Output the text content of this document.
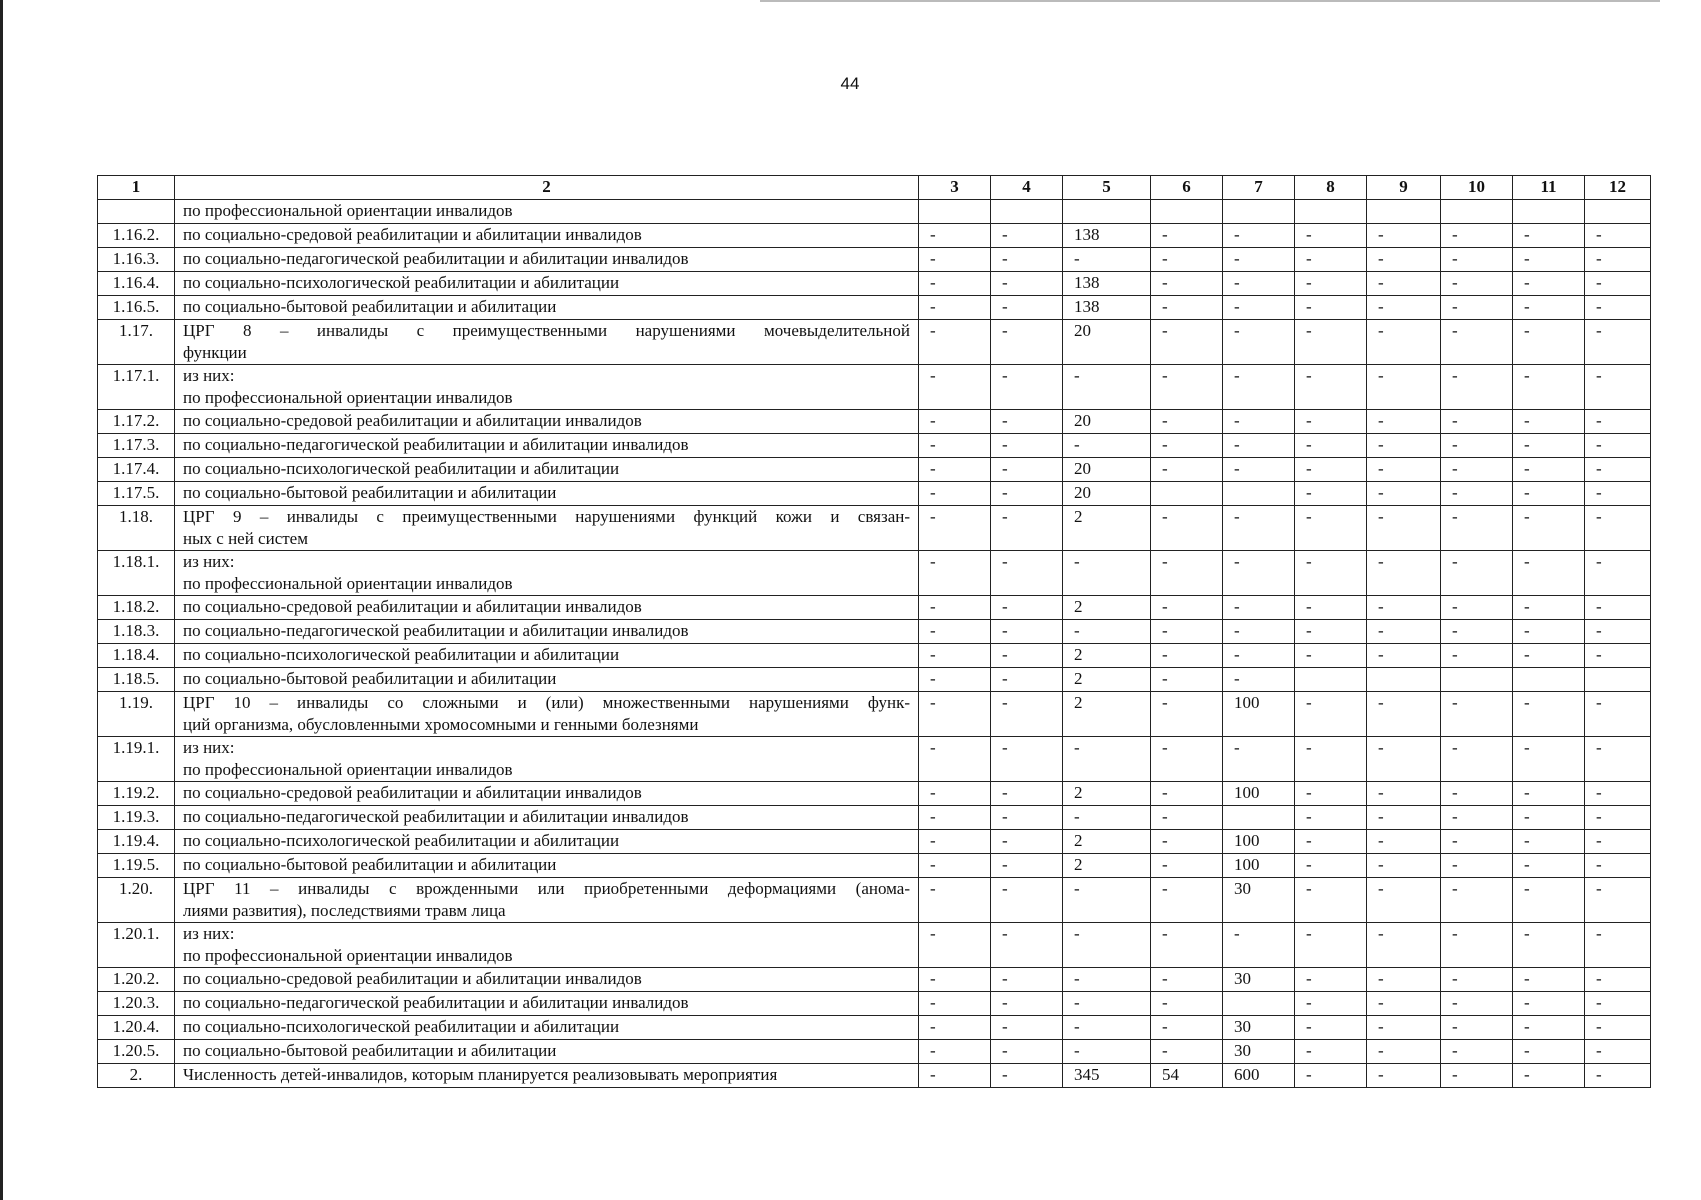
44
1	2	3	4	5	6	7	8	9	10	11	12

	по профессиональной ориентации инвалидов										

1.16.2.	по социально-средовой реабилитации и абилитации инвалидов	-	-	138	-	-	-	-	-	-	-
1.16.3.	по социально-педагогической реабилитации и абилитации инвалидов	-	-	-	-	-	-	-	-	-	-
1.16.4.	по социально-психологической реабилитации и абилитации	-	-	138	-	-	-	-	-	-	-
1.16.5.	по социально-бытовой реабилитации и абилитации	-	-	138	-	-	-	-	-	-	-
1.17.	ЦРГ 8 – инвалиды с преимущественными нарушениями мочевыделительной
функции	-	-	20	-	-	-	-	-	-	-
1.17.1.	из них:
по профессиональной ориентации инвалидов	-	-	-	-	-	-	-	-	-	-
1.17.2.	по социально-средовой реабилитации и абилитации инвалидов	-	-	20	-	-	-	-	-	-	-
1.17.3.	по социально-педагогической реабилитации и абилитации инвалидов	-	-	-	-	-	-	-	-	-	-
1.17.4.	по социально-психологической реабилитации и абилитации	-	-	20	-	-	-	-	-	-	-
1.17.5.	по социально-бытовой реабилитации и абилитации	-	-	20			-	-	-	-	-
1.18.	ЦРГ 9 – инвалиды с преимущественными нарушениями функций кожи и связан-
ных с ней систем	-	-	2	-	-	-	-	-	-	-
1.18.1.	из них:
по профессиональной ориентации инвалидов	-	-	-	-	-	-	-	-	-	-
1.18.2.	по социально-средовой реабилитации и абилитации инвалидов	-	-	2	-	-	-	-	-	-	-
1.18.3.	по социально-педагогической реабилитации и абилитации инвалидов	-	-	-	-	-	-	-	-	-	-
1.18.4.	по социально-психологической реабилитации и абилитации	-	-	2	-	-	-	-	-	-	-
1.18.5.	по социально-бытовой реабилитации и абилитации	-	-	2	-	-					
1.19.	ЦРГ 10 – инвалиды со сложными и (или) множественными нарушениями функ-
ций организма, обусловленными хромосомными и генными болезнями	-	-	2	-	100	-	-	-	-	-
1.19.1.	из них:
по профессиональной ориентации инвалидов	-	-	-	-	-	-	-	-	-	-
1.19.2.	по социально-средовой реабилитации и абилитации инвалидов	-	-	2	-	100	-	-	-	-	-
1.19.3.	по социально-педагогической реабилитации и абилитации инвалидов	-	-	-	-		-	-	-	-	-
1.19.4.	по социально-психологической реабилитации и абилитации	-	-	2	-	100	-	-	-	-	-
1.19.5.	по социально-бытовой реабилитации и абилитации	-	-	2	-	100	-	-	-	-	-
1.20.	ЦРГ 11 – инвалиды с врожденными или приобретенными деформациями (анома-
лиями развития), последствиями травм лица	-	-	-	-	30	-	-	-	-	-
1.20.1.	из них:
по профессиональной ориентации инвалидов	-	-	-	-	-	-	-	-	-	-
1.20.2.	по социально-средовой реабилитации и абилитации инвалидов	-	-	-	-	30	-	-	-	-	-
1.20.3.	по социально-педагогической реабилитации и абилитации инвалидов	-	-	-	-		-	-	-	-	-
1.20.4.	по социально-психологической реабилитации и абилитации	-	-	-	-	30	-	-	-	-	-
1.20.5.	по социально-бытовой реабилитации и абилитации	-	-	-	-	30	-	-	-	-	-
2.	Численность детей-инвалидов, которым планируется реализовывать мероприятия	-	-	345	54	600	-	-	-	-	-
